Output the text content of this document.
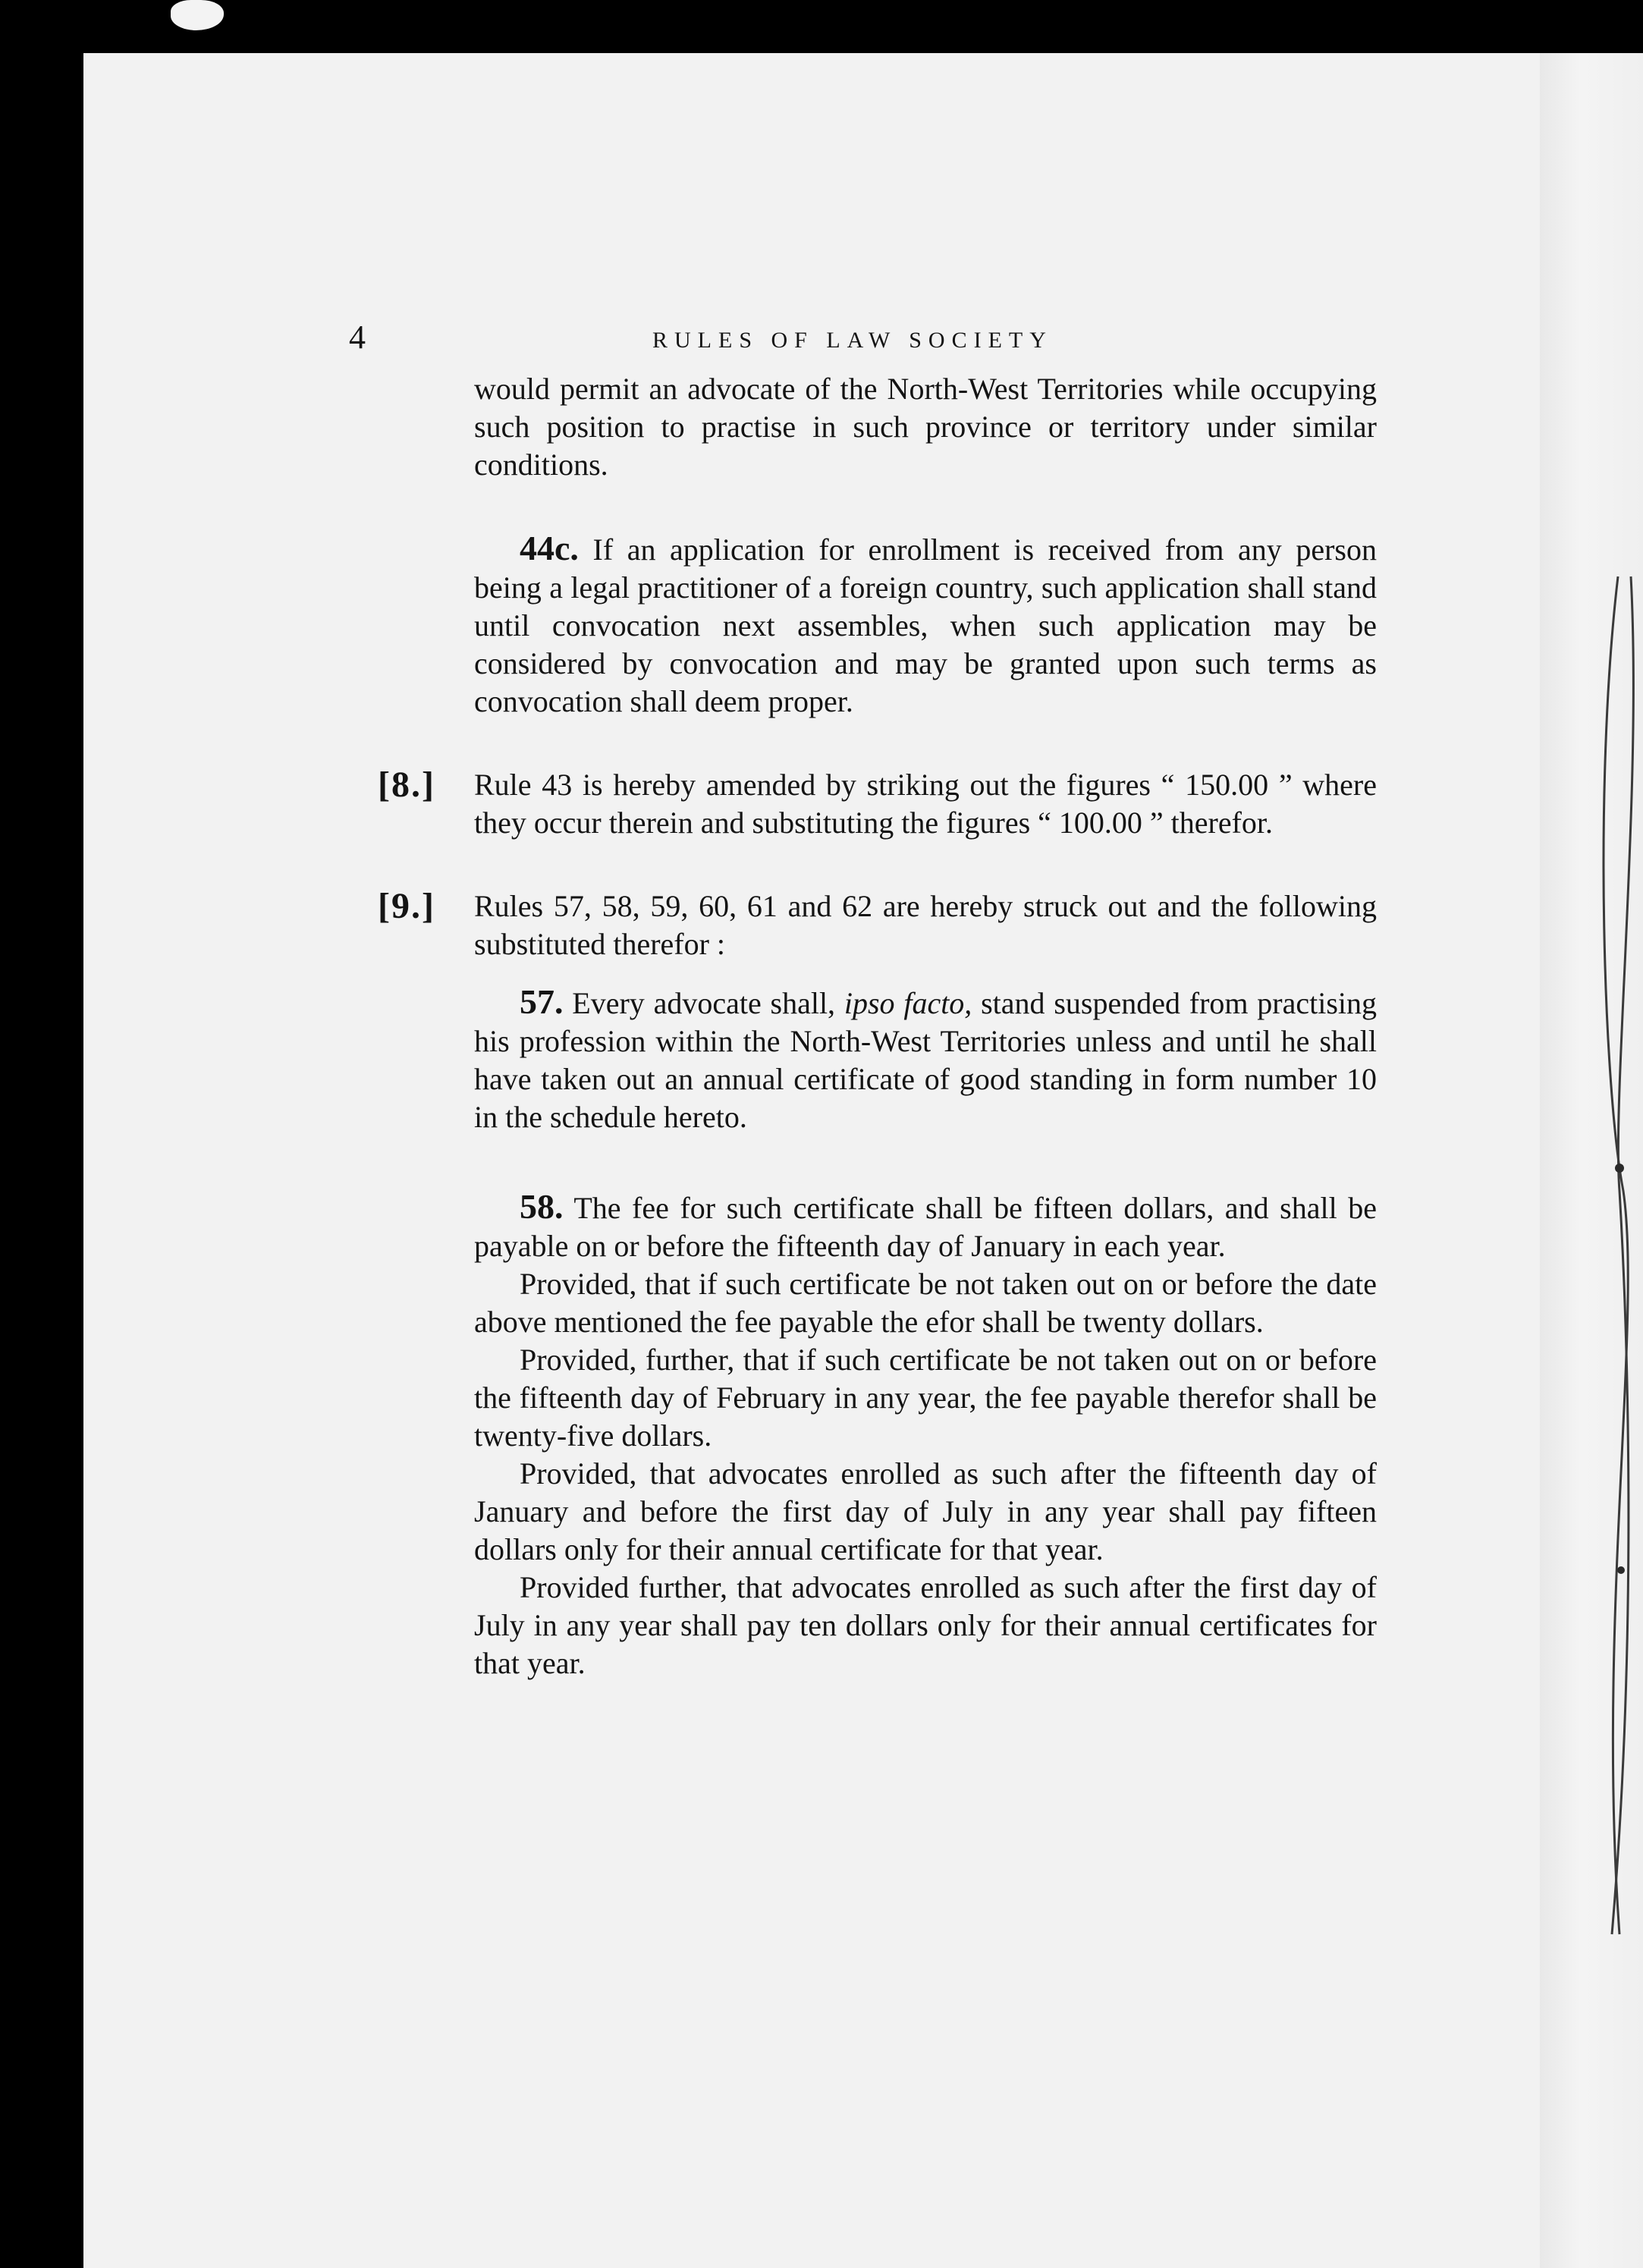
4	RULES OF LAW SOCIETY

would permit an advocate of the North-West Territories while occupying such position to practise in such province or territory under similar conditions.

44c. If an application for enrollment is received from any person being a legal practitioner of a foreign country, such application shall stand until convocation next assembles, when such application may be considered by convocation and may be granted upon such terms as convocation shall deem proper.

[8.] Rule 43 is hereby amended by striking out the figures “ 150.00 ” where they occur therein and substituting the figures “ 100.00 ” therefor.

[9.] Rules 57, 58, 59, 60, 61 and 62 are hereby struck out and the following substituted therefor :

57. Every advocate shall, ipso facto, stand suspended from practising his profession within the North-West Territories unless and until he shall have taken out an annual certificate of good standing in form number 10 in the schedule hereto.

58. The fee for such certificate shall be fifteen dollars, and shall be payable on or before the fifteenth day of January in each year.

Provided, that if such certificate be not taken out on or before the date above mentioned the fee payable the efor shall be twenty dollars.

Provided, further, that if such certificate be not taken out on or before the fifteenth day of February in any year, the fee payable therefor shall be twenty-five dollars.

Provided, that advocates enrolled as such after the fifteenth day of January and before the first day of July in any year shall pay fifteen dollars only for their annual certificate for that year.

Provided further, that advocates enrolled as such after the first day of July in any year shall pay ten dollars only for their annual certificates for that year.
